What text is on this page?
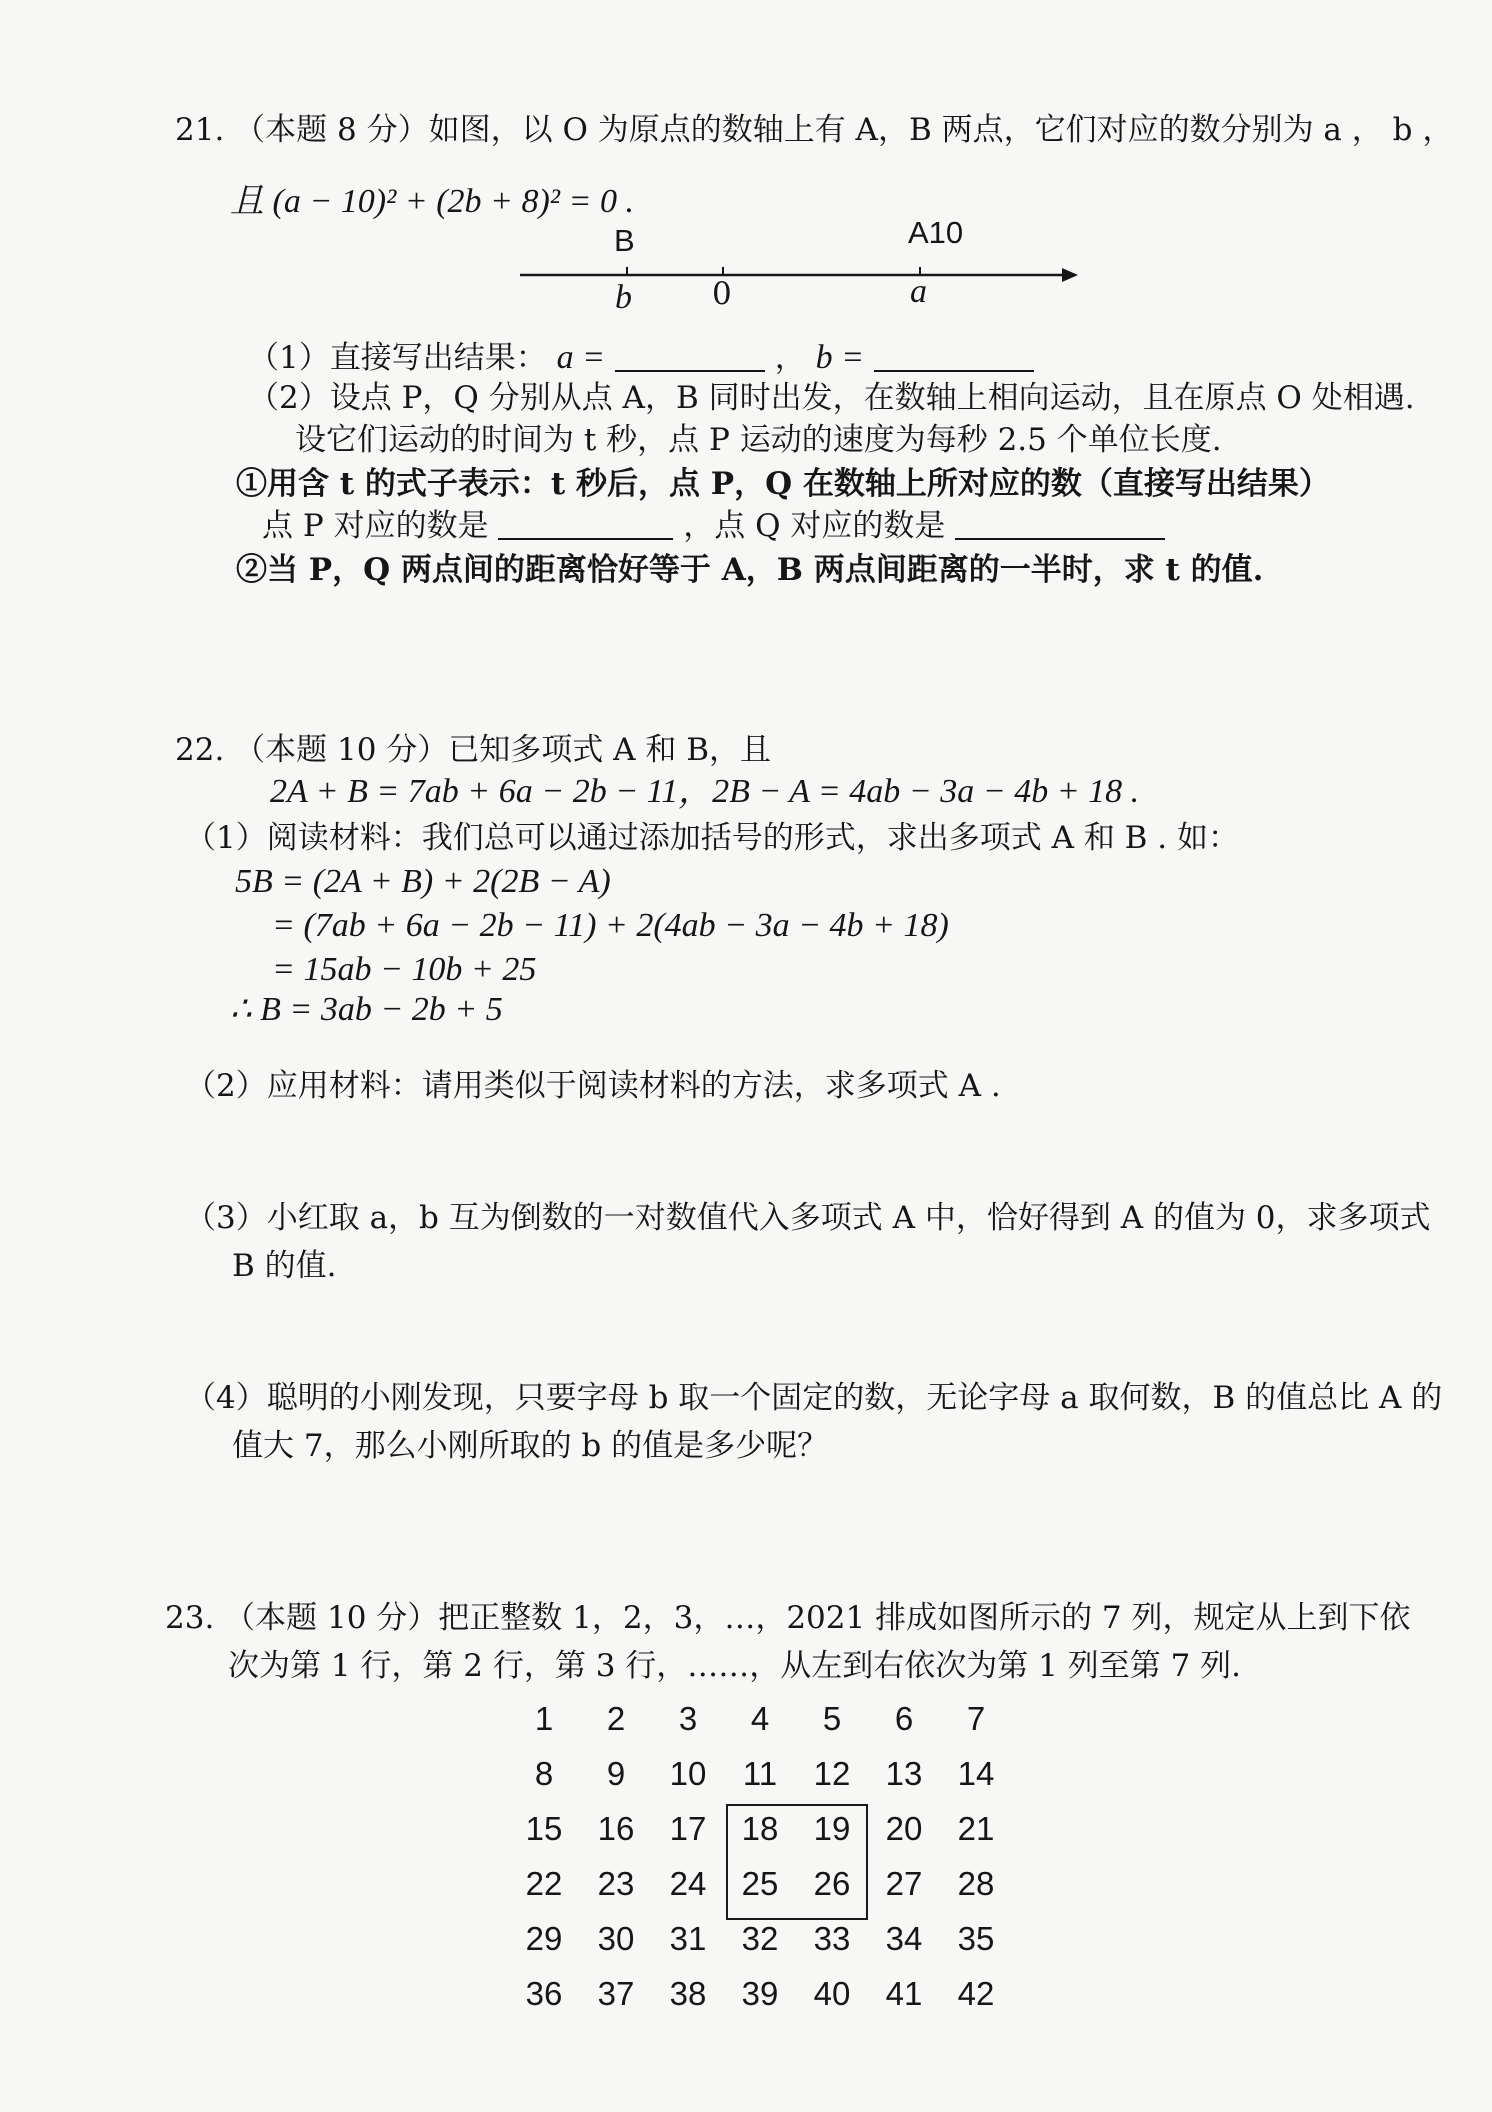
21. （本题 8 分）如图，以 O 为原点的数轴上有 A，B 两点，它们对应的数分别为 a ， b ，
且 (a − 10)² + (2b + 8)² = 0 .
B	A10
b	0	a
（1）直接写出结果： a =	， b =
（2）设点 P，Q 分别从点 A，B 同时出发，在数轴上相向运动，且在原点 O 处相遇.
设它们运动的时间为 t 秒，点 P 运动的速度为每秒 2.5 个单位长度.
①用含 t 的式子表示：t 秒后，点 P，Q 在数轴上所对应的数（直接写出结果）
点 P 对应的数是	，点 Q 对应的数是
②当 P，Q 两点间的距离恰好等于 A，B 两点间距离的一半时，求 t 的值.
22. （本题 10 分）已知多项式 A 和 B，且
2A + B = 7ab + 6a − 2b − 11，2B − A = 4ab − 3a − 4b + 18 .
（1）阅读材料：我们总可以通过添加括号的形式，求出多项式 A 和 B . 如：
5B = (2A + B) + 2(2B − A)
= (7ab + 6a − 2b − 11) + 2(4ab − 3a − 4b + 18)
= 15ab − 10b + 25
∴ B = 3ab − 2b + 5
（2）应用材料：请用类似于阅读材料的方法，求多项式 A .
（3）小红取 a，b 互为倒数的一对数值代入多项式 A 中，恰好得到 A 的值为 0，求多项式
B 的值.
（4）聪明的小刚发现，只要字母 b 取一个固定的数，无论字母 a 取何数，B 的值总比 A 的
值大 7，那么小刚所取的 b 的值是多少呢？
23. （本题 10 分）把正整数 1，2，3，…，2021 排成如图所示的 7 列，规定从上到下依
次为第 1 行，第 2 行，第 3 行，……，从左到右依次为第 1 列至第 7 列.
1	2	3	4	5	6	7
8	9	10	11	12	13	14
15	16	17	18	19	20	21
22	23	24	25	26	27	28
29	30	31	32	33	34	35
36	37	38	39	40	41	42
